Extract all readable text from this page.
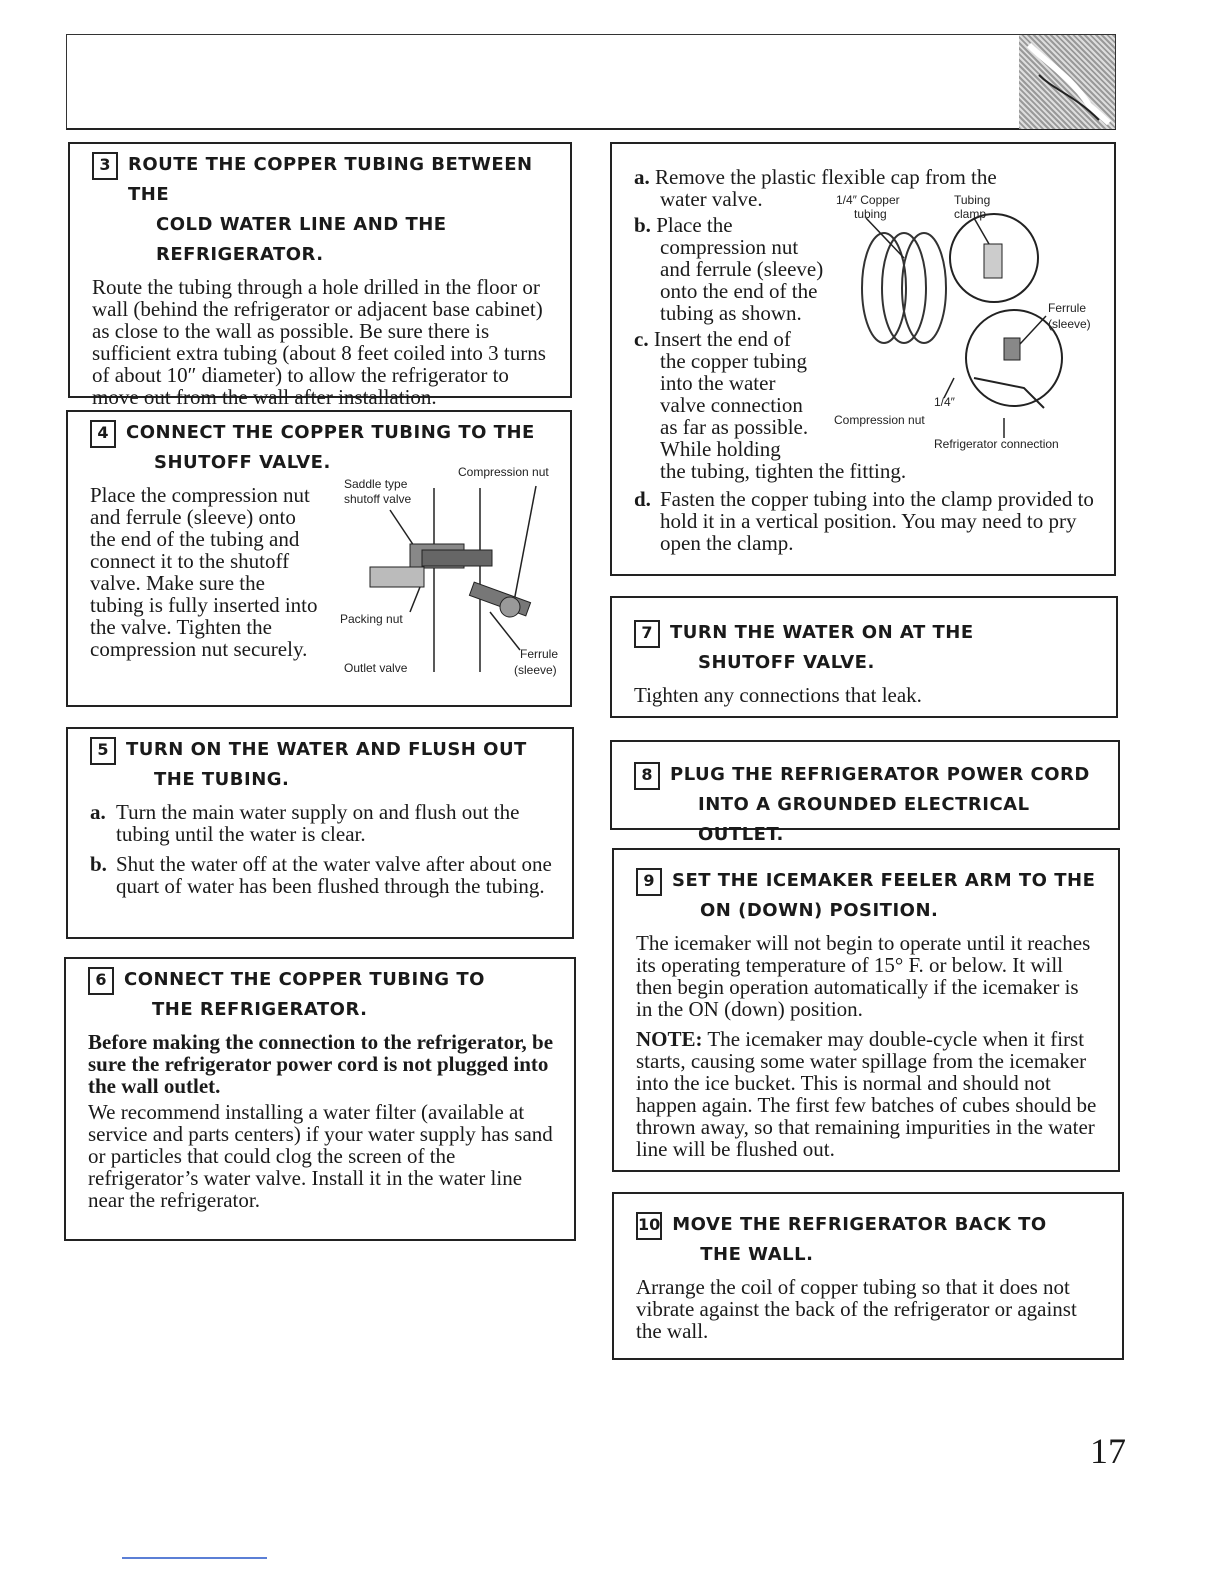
3 ROUTE THE COPPER TUBING BETWEEN THE
COLD WATER LINE AND THE REFRIGERATOR.

Route the tubing through a hole drilled in the floor or wall (behind the refrigerator or adjacent base cabinet) as close to the wall as possible. Be sure there is sufficient extra tubing (about 8 feet coiled into 3 turns of about 10″ diameter) to allow the refrigerator to move out from the wall after installation.

4 CONNECT THE COPPER TUBING TO THE
SHUTOFF VALVE.

Place the compression nut and ferrule (sleeve) onto the end of the tubing and connect it to the shutoff valve. Make sure the tubing is fully inserted into the valve. Tighten the compression nut securely.

Saddle type
shutoff valve
Compression nut
Packing nut
Outlet valve
Ferrule
(sleeve)
5 TURN ON THE WATER AND FLUSH OUT
THE TUBING.
a. Turn the main water supply on and flush out the tubing until the water is clear.
b. Shut the water off at the water valve after about one quart of water has been flushed through the tubing.
6 CONNECT THE COPPER TUBING TO
THE REFRIGERATOR.

Before making the connection to the refrigerator, be sure the refrigerator power cord is not plugged into the wall outlet.

We recommend installing a water filter (available at service and parts centers) if your water supply has sand or particles that could clog the screen of the refrigerator’s water valve. Install it in the water line near the refrigerator.

a. Remove the plastic flexible cap from the
water valve.
b. Place the
compression nut
and ferrule (sleeve)
onto the end of the
tubing as shown.
c. Insert the end of
the copper tubing
into the water
valve connection
as far as possible.
While holding
the tubing, tighten the fitting.
d. Fasten the copper tubing into the clamp provided to hold it in a vertical position. You may need to pry open the clamp.
1/4″ Copper
tubing
Tubing
clamp
Ferrule
(sleeve)
1/4″
Compression nut
Refrigerator connection
7 TURN THE WATER ON AT THE
SHUTOFF VALVE.

Tighten any connections that leak.

8 PLUG THE REFRIGERATOR POWER CORD
INTO A GROUNDED ELECTRICAL OUTLET.
9 SET THE ICEMAKER FEELER ARM TO THE
ON (DOWN) POSITION.

The icemaker will not begin to operate until it reaches its operating temperature of 15° F. or below. It will then begin operation automatically if the icemaker is in the ON (down) position.

NOTE: The icemaker may double-cycle when it first starts, causing some water spillage from the icemaker into the ice bucket. This is normal and should not happen again. The first few batches of cubes should be thrown away, so that remaining impurities in the water line will be flushed out.

10 MOVE THE REFRIGERATOR BACK TO
THE WALL.

Arrange the coil of copper tubing so that it does not vibrate against the back of the refrigerator or against the wall.

17
